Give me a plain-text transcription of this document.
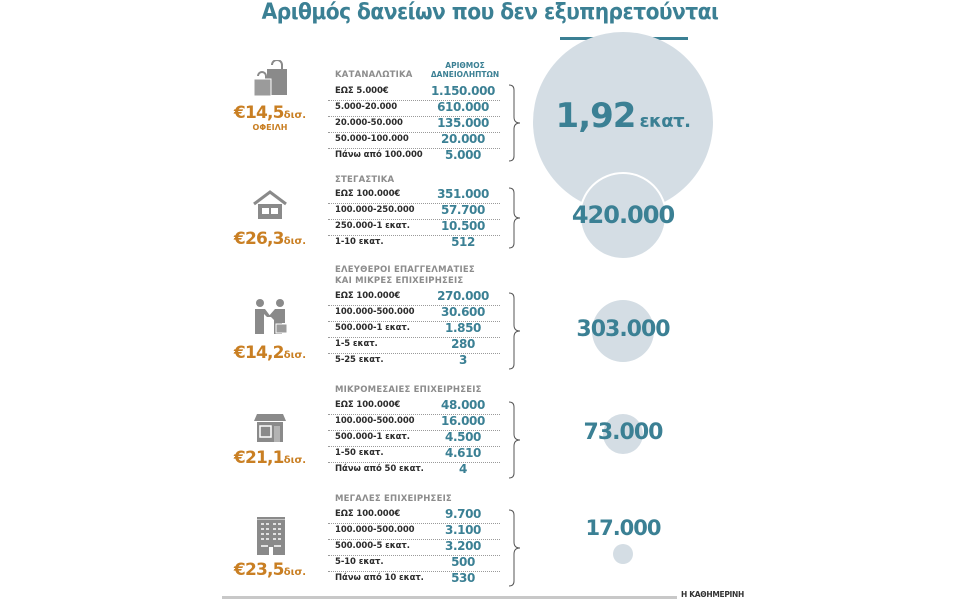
Αριθμός δανείων που δεν εξυπηρετούνται
1,92 εκατ.
420.000
303.000
73.000
17.000
ΑΡΙΘΜΟΣ
ΔΑΝΕΙΟΛΗΠΤΩΝ
€14,5δισ.
ΟΦΕΙΛΗ
ΚΑΤΑΝΑΛΩΤΙΚΑ
ΕΩΣ 5.000€	1.150.000
5.000-20.000	610.000
20.000-50.000	135.000
50.000-100.000	20.000
Πάνω από 100.000	5.000
€26,3δισ.
ΣΤΕΓΑΣΤΙΚΑ
ΕΩΣ 100.000€	351.000
100.000-250.000	57.700
250.000-1 εκατ.	10.500
1-10 εκατ.	512
€14,2δισ.
ΕΛΕΥΘΕΡΟΙ ΕΠΑΓΓΕΛΜΑΤΙΕΣ
ΚΑΙ ΜΙΚΡΕΣ ΕΠΙΧΕΙΡΗΣΕΙΣ
ΕΩΣ 100.000€	270.000
100.000-500.000	30.600
500.000-1 εκατ.	1.850
1-5 εκατ.	280
5-25 εκατ.	3
€21,1δισ.
ΜΙΚΡΟΜΕΣΑΙΕΣ ΕΠΙΧΕΙΡΗΣΕΙΣ
ΕΩΣ 100.000€	48.000
100.000-500.000	16.000
500.000-1 εκατ.	4.500
1-50 εκατ.	4.610
Πάνω από 50 εκατ.	4
€23,5δισ.
ΜΕΓΑΛΕΣ ΕΠΙΧΕΙΡΗΣΕΙΣ
ΕΩΣ 100.000€	9.700
100.000-500.000	3.100
500.000-5 εκατ.	3.200
5-10 εκατ.	500
Πάνω από 10 εκατ.	530
Η ΚΑΘΗΜΕΡΙΝΗ
